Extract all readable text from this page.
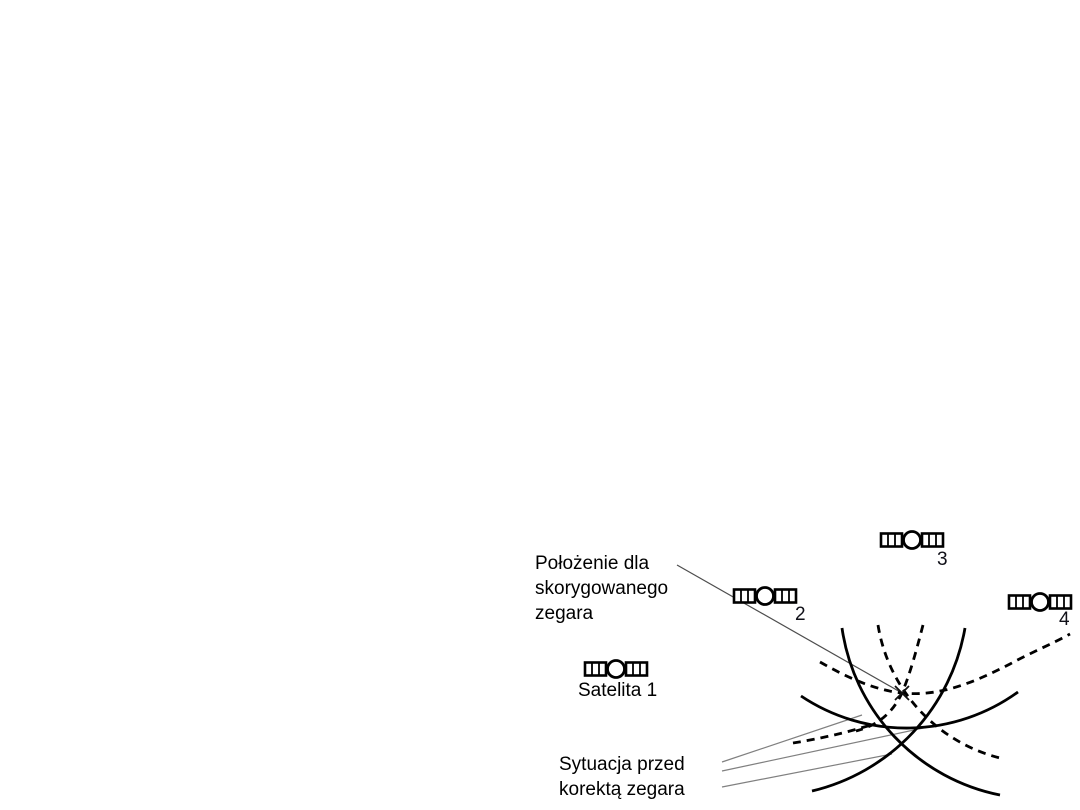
Położenie dla
skorygowanego
zegara
Satelita 1
2
3
4
Sytuacja przed
korektą zegara
